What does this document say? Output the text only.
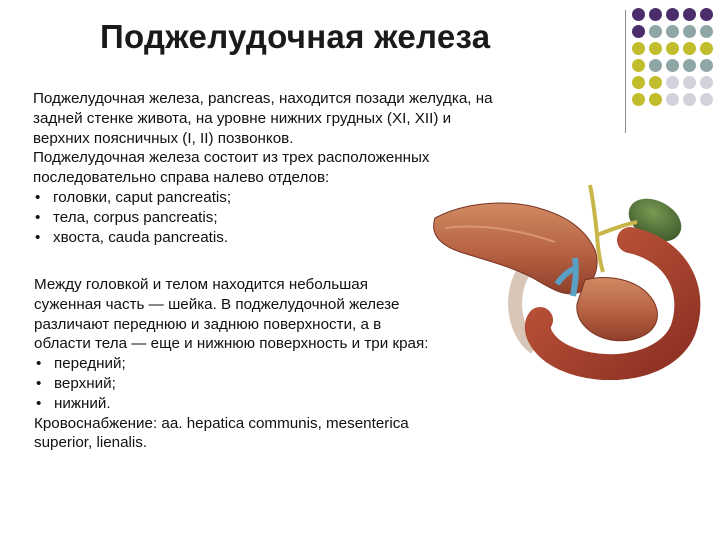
Поджелудочная железа
Поджелудочная железа, pancreas, находится позади желудка, на
задней стенке живота, на уровне нижних грудных (XI, XII) и
верхних поясничных (I, II) позвонков.
Поджелудочная железа состоит из трех расположенных
последовательно справа налево отделов:
• головки, caput pancreatis;
• тела, corpus pancreatis;
• хвоста, cauda pancreatis.
Между головкой и телом находится небольшая
суженная часть — шейка. В поджелудочной железе
различают переднюю и заднюю поверхности, а в
области тела — еще и нижнюю поверхность и три края:
• передний;
• верхний;
• нижний.
Кровоснабжение: aa. hepatica communis, mesenterica
superior, lienalis.
